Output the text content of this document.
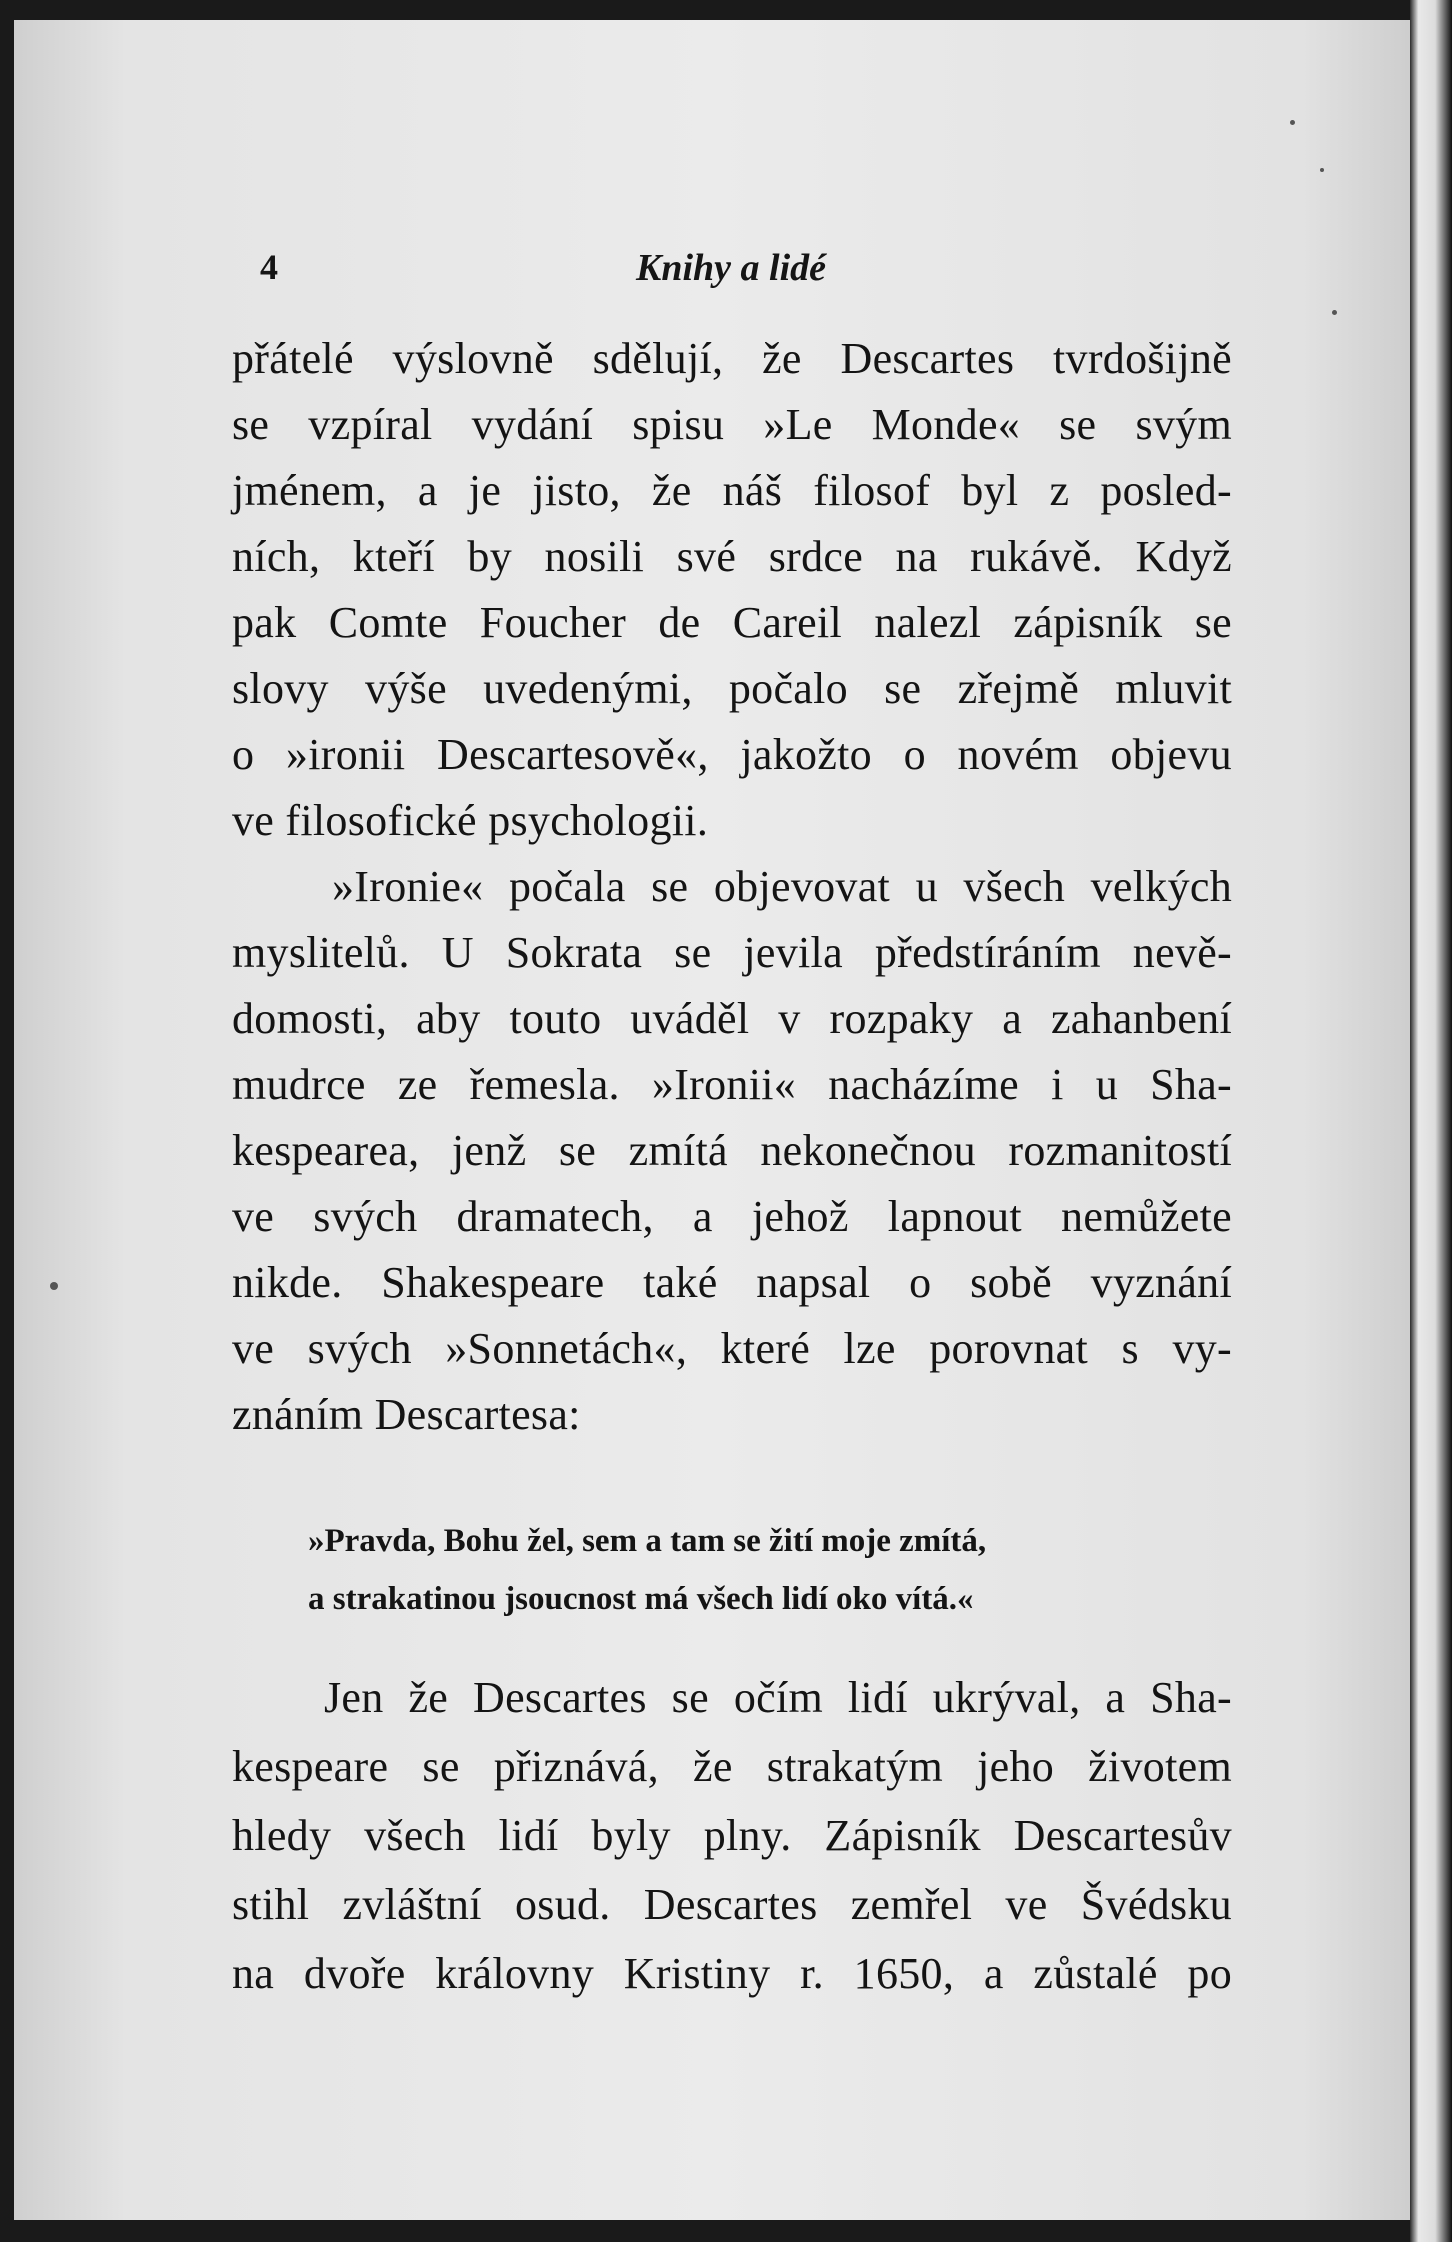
4	Knihy a lidé
přátelé výslovně sdělují, že Descartes tvrdošijně
se vzpíral vydání spisu »Le Monde« se svým
jménem, a je jisto, že náš filosof byl z posled-
ních, kteří by nosili své srdce na rukávě. Když
pak Comte Foucher de Careil nalezl zápisník se
slovy výše uvedenými, počalo se zřejmě mluvit
o »ironii Descartesově«, jakožto o novém objevu
ve filosofické psychologii.
»Ironie« počala se objevovat u všech velkých
myslitelů. U Sokrata se jevila předstíráním nevě-
domosti, aby touto uváděl v rozpaky a zahanbení
mudrce ze řemesla. »Ironii« nacházíme i u Sha-
kespearea, jenž se zmítá nekonečnou rozmanitostí
ve svých dramatech, a jehož lapnout nemůžete
nikde. Shakespeare také napsal o sobě vyznání
ve svých »Sonnetách«, které lze porovnat s vy-
znáním Descartesa:
»Pravda, Bohu žel, sem a tam se žití moje zmítá,
a strakatinou jsoucnost má všech lidí oko vítá.«
Jen že Descartes se očím lidí ukrýval, a Sha-
kespeare se přiznává, že strakatým jeho životem
hledy všech lidí byly plny. Zápisník Descartesův
stihl zvláštní osud. Descartes zemřel ve Švédsku
na dvoře královny Kristiny r. 1650, a zůstalé po
